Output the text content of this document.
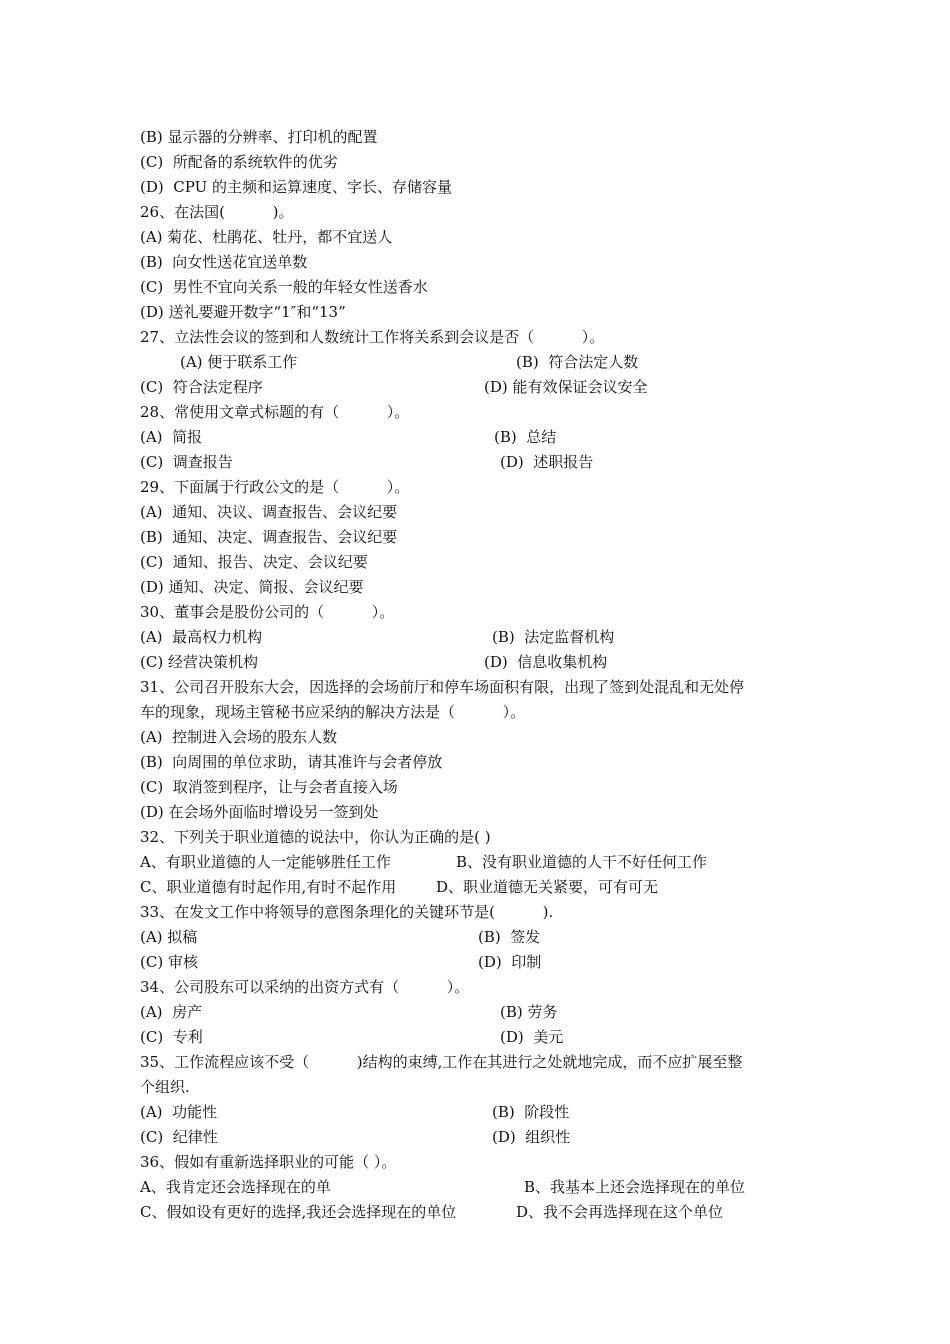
(B) 显示器的分辨率、打印机的配置
(C)  所配备的系统软件的优劣
(D)  CPU 的主频和运算速度、字长、存储容量
26、在法国(          )。
(A) 菊花、杜鹃花、牡丹，都不宜送人
(B)  向女性送花宜送单数
(C)  男性不宜向关系一般的年轻女性送香水
(D) 送礼要避开数字“1″和“13”
27、立法性会议的签到和人数统计工作将关系到会议是否（          ）。
(A) 便于联系工作	(B)  符合法定人数
(C)  符合法定程序	(D) 能有效保证会议安全
28、常使用文章式标题的有（          ）。
(A)  简报	(B)  总结
(C)  调查报告	(D)  述职报告
29、下面属于行政公文的是（          ）。
(A)  通知、决议、调查报告、会议纪要
(B)  通知、决定、调查报告、会议纪要
(C)  通知、报告、决定、会议纪要
(D) 通知、决定、简报、会议纪要
30、董事会是股份公司的（          ）。
(A)  最高权力机构	(B)  法定监督机构
(C) 经营决策机构	(D)  信息收集机构
31、公司召开股东大会，因选择的会场前厅和停车场面积有限，出现了签到处混乱和无处停
车的现象，现场主管秘书应采纳的解决方法是（          ）。
(A)  控制进入会场的股东人数
(B)  向周围的单位求助，请其准许与会者停放
(C)  取消签到程序，让与会者直接入场
(D) 在会场外面临时增设另一签到处
32、下列关于职业道德的说法中，你认为正确的是( )
A、有职业道德的人一定能够胜任工作	B、没有职业道德的人干不好任何工作
C、职业道德有时起作用,有时不起作用	D、职业道德无关紧要，可有可无
33、在发文工作中将领导的意图条理化的关键环节是(          ).
(A) 拟稿	(B)  签发
(C) 审核	(D)  印制
34、公司股东可以采纳的出资方式有（          ）。
(A)  房产	(B) 劳务
(C)  专利	(D)  美元
35、工作流程应该不受（          )结构的束缚,工作在其进行之处就地完成，而不应扩展至整
个组织.
(A)  功能性	(B)  阶段性
(C)  纪律性	(D)  组织性
36、假如有重新选择职业的可能（ ）。
A、我肯定还会选择现在的单	B、我基本上还会选择现在的单位
C、假如设有更好的选择,我还会选择现在的单位	D、我不会再选择现在这个单位
